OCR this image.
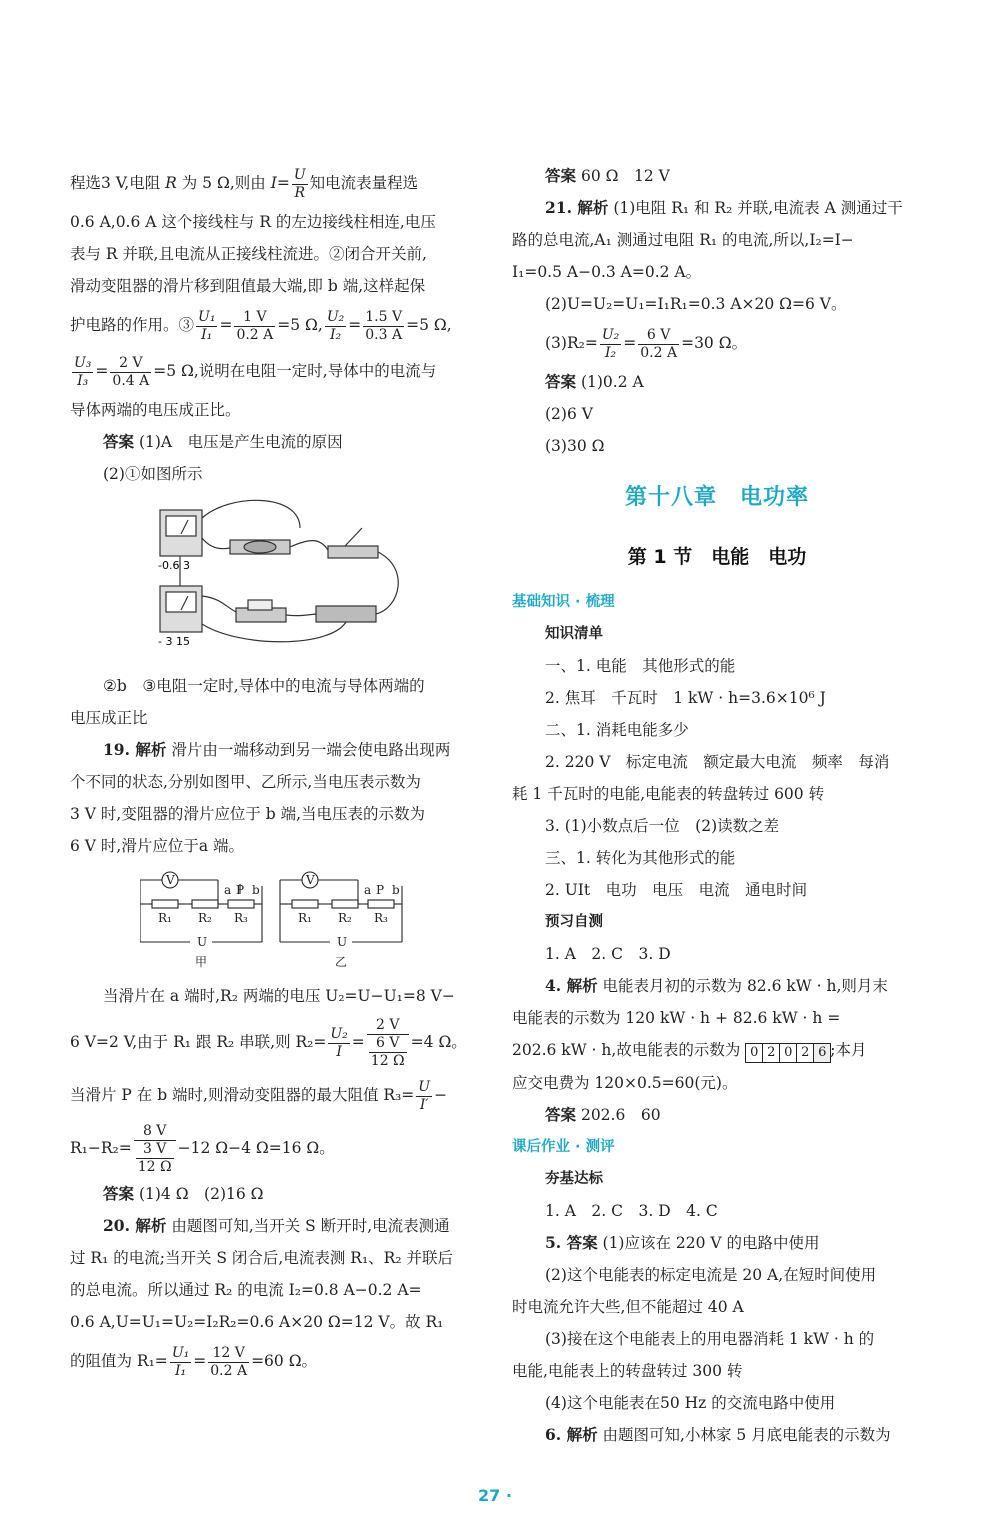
程选3 V,电阻 R 为 5 Ω,则由 $I= \frac{U}{R}$ 知电流表量程选
0.6 A,0.6 A 这个接线柱与 R 的左边接线柱相连,电压
表与 R 并联,且电流从正接线柱流进。②闭合开关前,
滑动变阻器的滑片移到阻值最大端,即 b 端,这样起保
护电路的作用。③ $\frac{\text{U₁}}{\text{I₁}} = \frac{1 V}{0.2 A} =5$ Ω, $\frac{\text{U₂}}{\text{I₂}} = \frac{1.5 V}{0.3 A} =5$ Ω,
$\frac{\text{U₃}}{\text{I₃}} = \frac{2 V}{0.4 A} =5$ Ω,说明在电阻一定时,导体中的电流与
导体两端的电压成正比。
答案 (1)A　电压是产生电流的原因
(2)①如图所示
-0.6 3
- 3 15
②b　③电阻一定时,导体中的电流与导体两端的
电压成正比
19. 解析 滑片由一端移动到另一端会使电路出现两
个不同的状态,分别如图甲、乙所示,当电压表示数为
3 V 时,变阻器的滑片应位于 b 端,当电压表的示数为
6 V 时,滑片应位于a 端。
V
R₁ R₂ R₃
a P b
U
甲
V
R₁ R₂ R₃
a P b
U
乙
当滑片在 a 端时,R₂ 两端的电压 U₂=U−U₁=8 V−
6 V=2 V,由于 R₁ 跟 R₂ 串联,则 $R_2= \frac{\text{U₂}}{I} = \frac{2 V}{\frac{6 V}{12 \Omega}} =4$ Ω。
当滑片 P 在 b 端时,则滑动变阻器的最大阻值 $R_3= \frac{U}{I'}$ −
$R_1-R_2= \frac{8 V}{\frac{3 V}{12 \Omega}} -12$ Ω−4 Ω=16 Ω。
答案 (1)4 Ω　(2)16 Ω
20. 解析 由题图可知,当开关 S 断开时,电流表测通
过 R₁ 的电流;当开关 S 闭合后,电流表测 R₁、R₂ 并联后
的总电流。所以通过 R₂ 的电流 I₂=0.8 A−0.2 A=
0.6 A,U=U₁=U₂=I₂R₂=0.6 A×20 Ω=12 V。故 R₁
的阻值为 $R_1= \frac{\text{U₁}}{\text{I₁}} = \frac{12 V}{0.2 A} =60$ Ω。
答案 60 Ω　12 V
21. 解析 (1)电阻 R₁ 和 R₂ 并联,电流表 A 测通过干
路的总电流,A₁ 测通过电阻 R₁ 的电流,所以,I₂=I−
I₁=0.5 A−0.3 A=0.2 A。
(2)U=U₂=U₁=I₁R₁=0.3 A×20 Ω=6 V。
$(3)R_2= \frac{\text{U₂}}{\text{I₂}} = \frac{6 V}{0.2 A} =30$ Ω。
答案 (1)0.2 A
(2)6 V
(3)30 Ω
第十八章　电功率
第 1 节　电能　电功
基础知识 · 梳理
知识清单
一、1. 电能　其他形式的能
2. 焦耳　千瓦时　1 kW · h=3.6×10⁶ J
二、1. 消耗电能多少
2. 220 V　标定电流　额定最大电流　频率　每消
耗 1 千瓦时的电能,电能表的转盘转过 600 转
3. (1)小数点后一位　(2)读数之差
三、1. 转化为其他形式的能
2. UIt　电功　电压　电流　通电时间
预习自测
1. A　2. C　3. D
4. 解析 电能表月初的示数为 82.6 kW · h,则月末
电能表的示数为 120 kW · h + 82.6 kW · h =
202.6 kW · h,故电能表的示数为 0 2 0 2 6 ;本月
应交电费为 120×0.5=60(元)。
答案 202.6　60
课后作业 · 测评
夯基达标
1. A　2. C　3. D　4. C
5. 答案 (1)应该在 220 V 的电路中使用
(2)这个电能表的标定电流是 20 A,在短时间使用
时电流允许大些,但不能超过 40 A
(3)接在这个电能表上的用电器消耗 1 kW · h 的
电能,电能表上的转盘转过 300 转
(4)这个电能表在50 Hz 的交流电路中使用
6. 解析 由题图可知,小林家 5 月底电能表的示数为
27 ·
